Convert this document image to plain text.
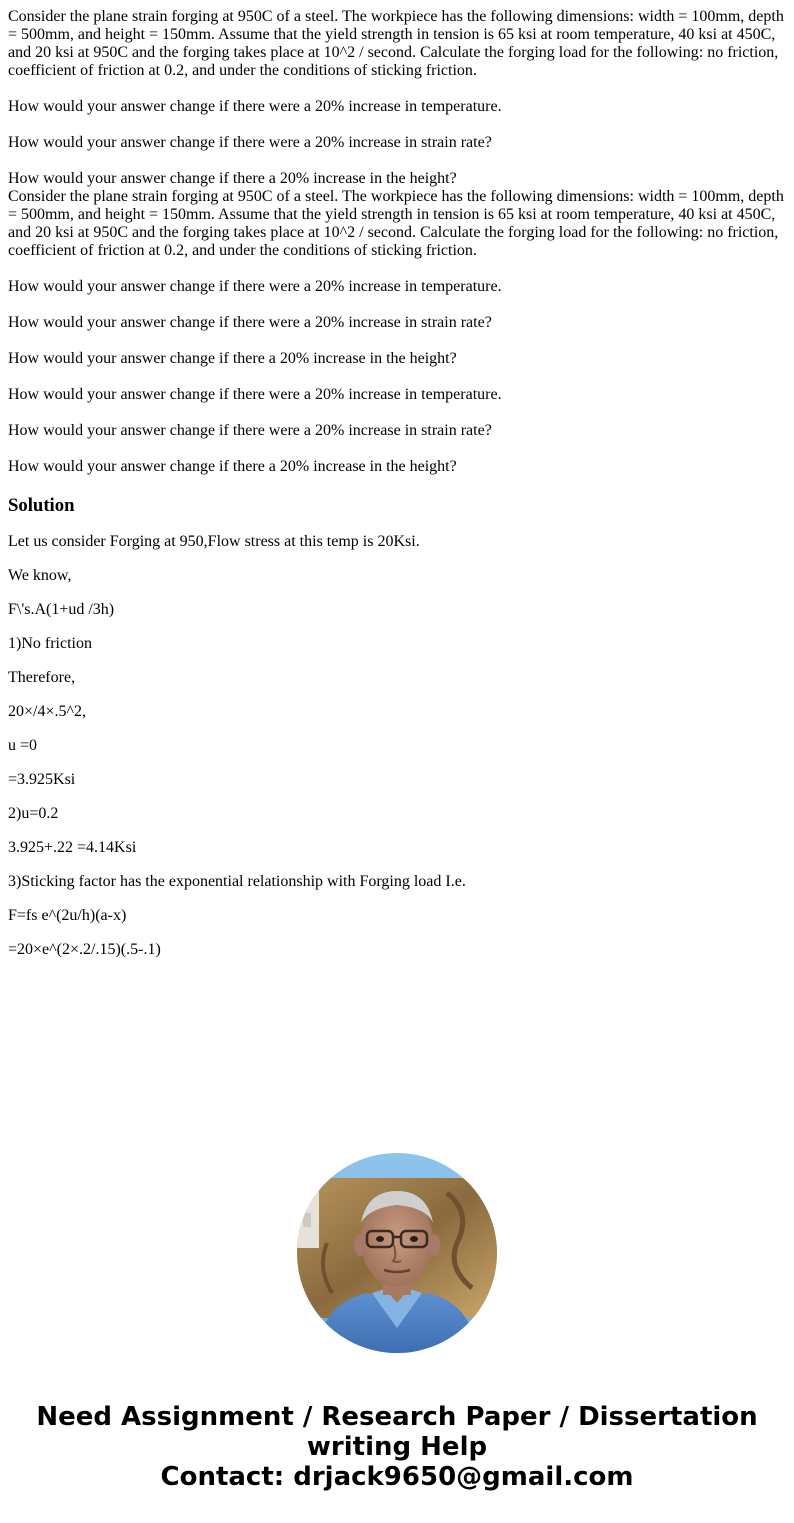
Consider the plane strain forging at 950C of a steel. The workpiece has the following dimensions: width = 100mm, depth = 500mm, and height = 150mm. Assume that the yield strength in tension is 65 ksi at room temperature, 40 ksi at 450C, and 20 ksi at 950C and the forging takes place at 10^2 / second. Calculate the forging load for the following: no friction, coefficient of friction at 0.2, and under the conditions of sticking friction.

How would your answer change if there were a 20% increase in temperature.

How would your answer change if there were a 20% increase in strain rate?

How would your answer change if there a 20% increase in the height?

Consider the plane strain forging at 950C of a steel. The workpiece has the following dimensions: width = 100mm, depth = 500mm, and height = 150mm. Assume that the yield strength in tension is 65 ksi at room temperature, 40 ksi at 450C, and 20 ksi at 950C and the forging takes place at 10^2 / second. Calculate the forging load for the following: no friction, coefficient of friction at 0.2, and under the conditions of sticking friction.

How would your answer change if there were a 20% increase in temperature.

How would your answer change if there were a 20% increase in strain rate?

How would your answer change if there a 20% increase in the height?

How would your answer change if there were a 20% increase in temperature.

How would your answer change if there were a 20% increase in strain rate?

How would your answer change if there a 20% increase in the height?

Solution

Let us consider Forging at 950,Flow stress at this temp is 20Ksi.

We know,

F\'s.A(1+ud /3h)

1)No friction

Therefore,

20×/4×.5^2,

u =0

=3.925Ksi

2)u=0.2

3.925+.22 =4.14Ksi

3)Sticking factor has the exponential relationship with Forging load I.e.

F=fs e^(2u/h)(a-x)

=20×e^(2×.2/.15)(.5-.1)

Need Assignment / Research Paper / Dissertation
writing Help
Contact: drjack9650@gmail.com
